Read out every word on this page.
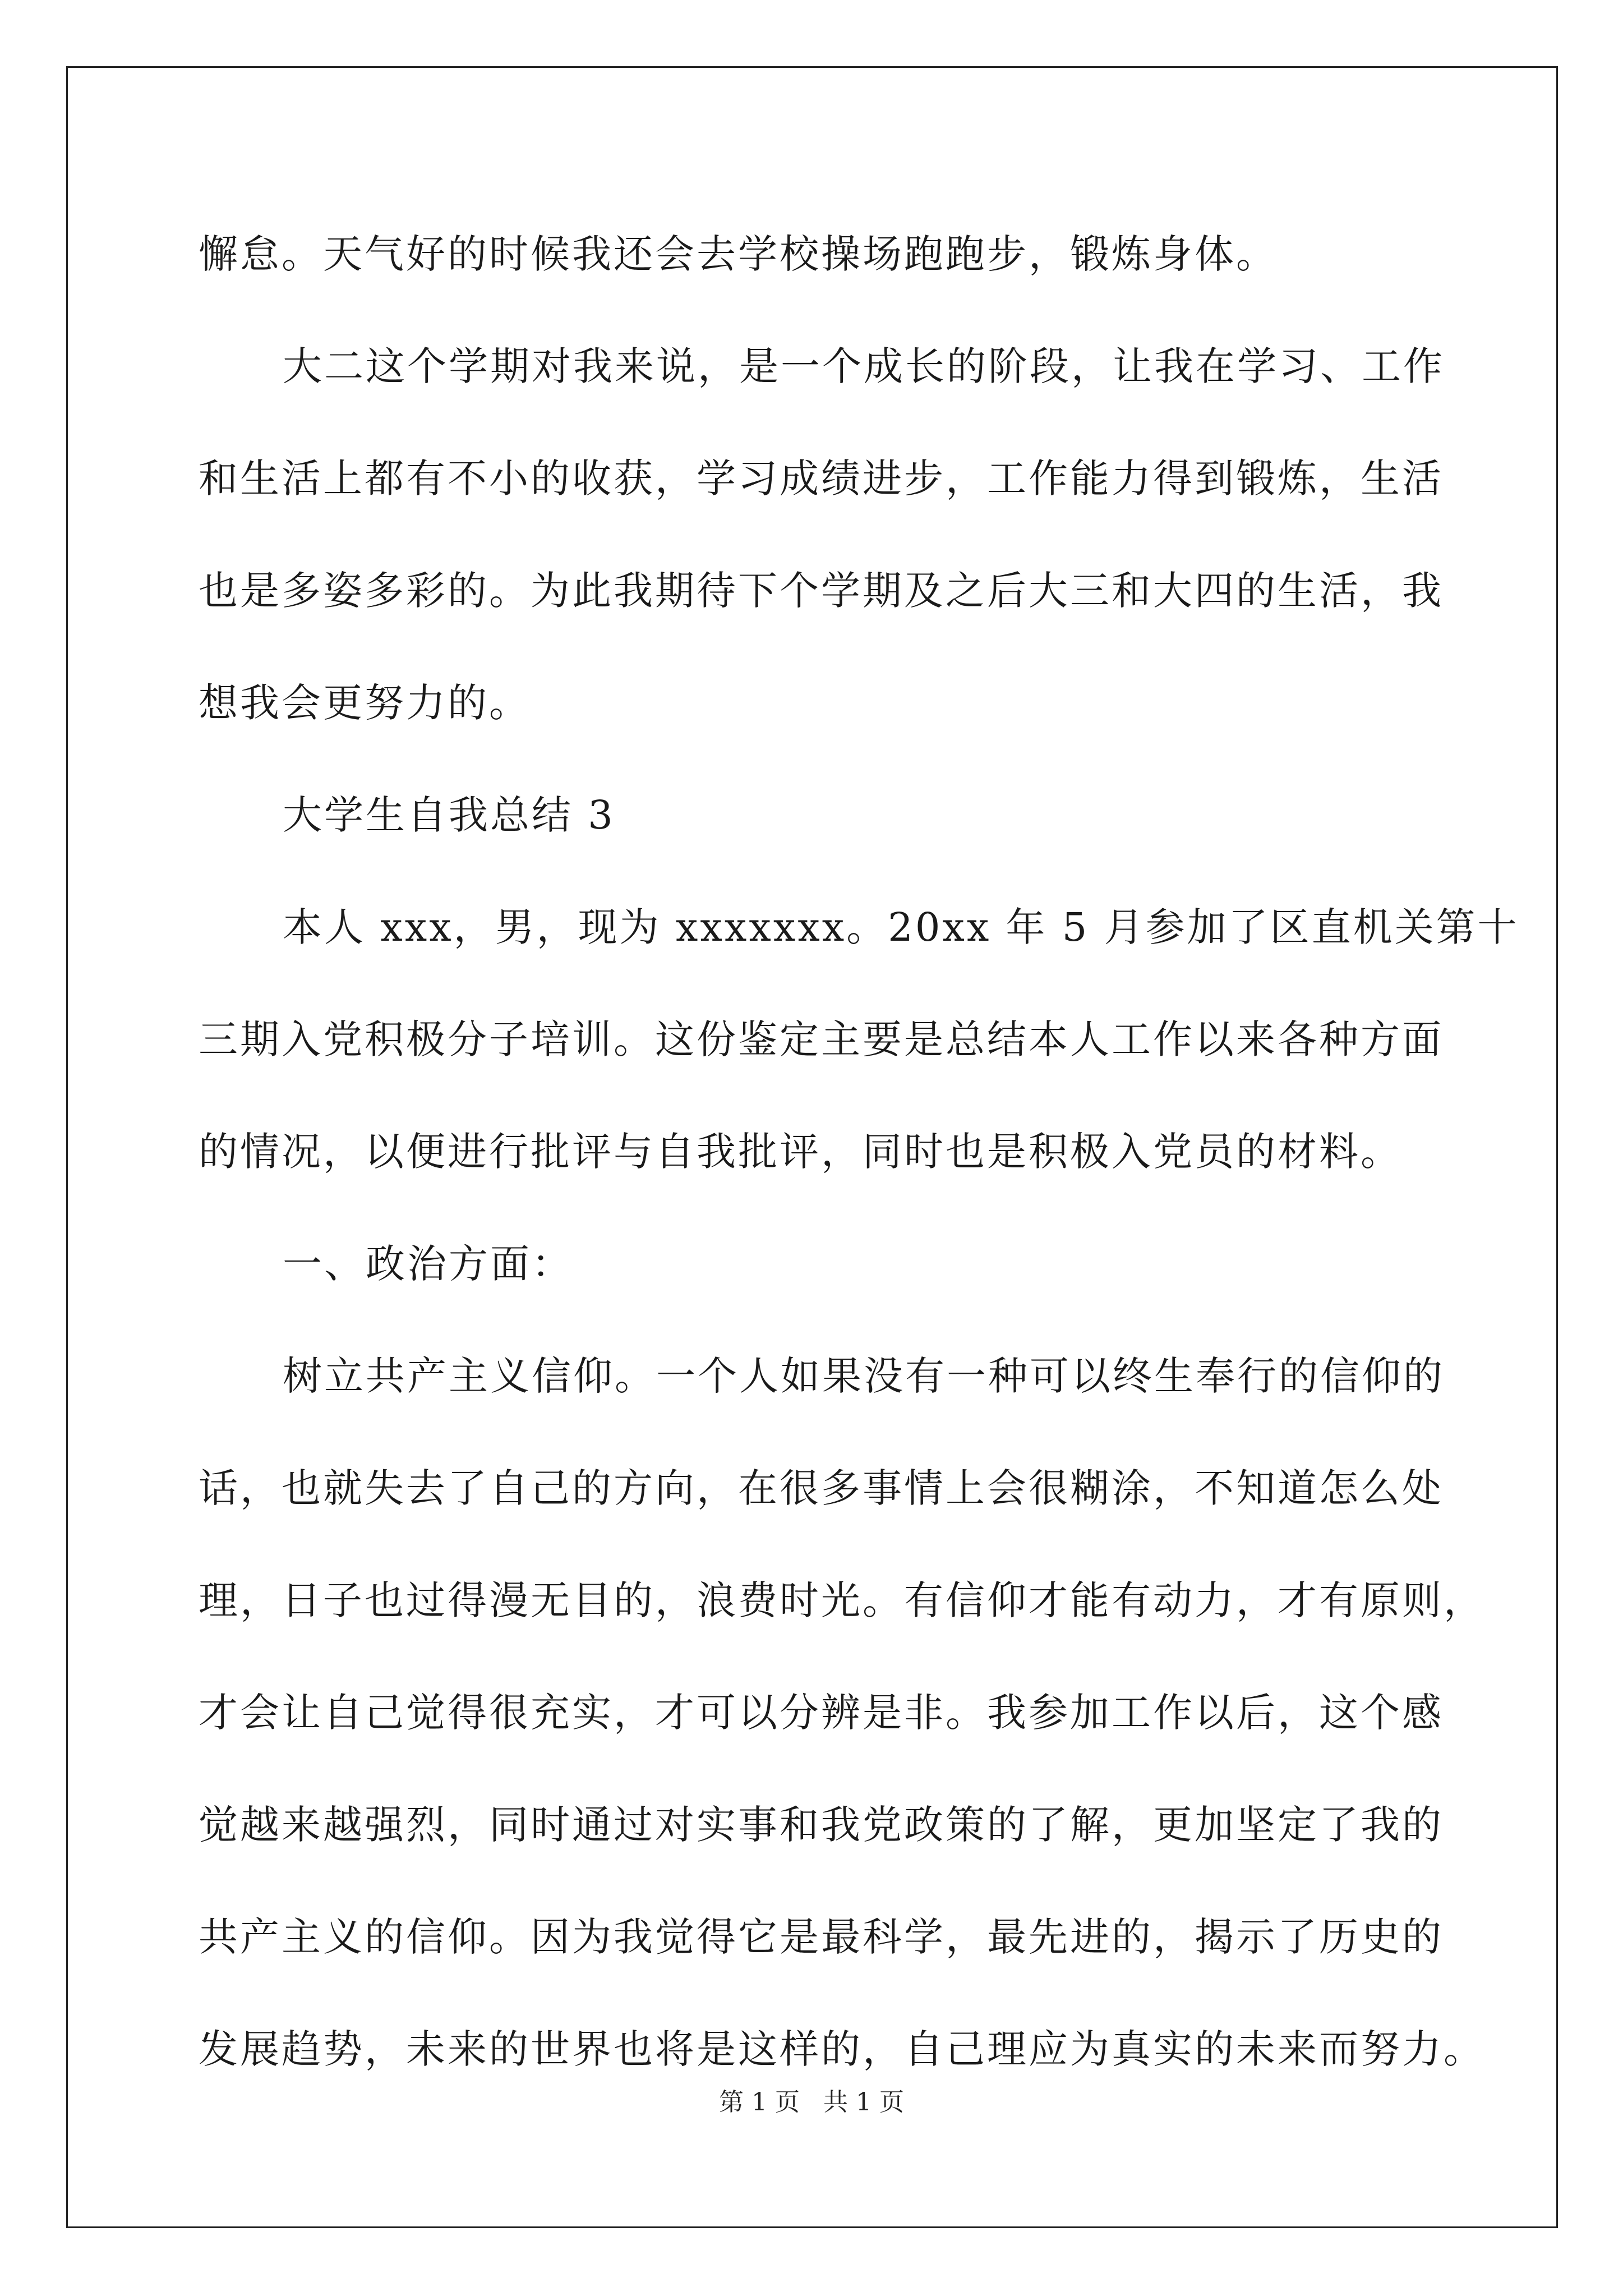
懈怠。天气好的时候我还会去学校操场跑跑步，锻炼身体。
大二这个学期对我来说，是一个成长的阶段，让我在学习、工作
和生活上都有不小的收获，学习成绩进步，工作能力得到锻炼，生活
也是多姿多彩的。为此我期待下个学期及之后大三和大四的生活，我
想我会更努力的。
大学生自我总结 3
本人 xxx，男，现为 xxxxxxx。20xx 年 5 月参加了区直机关第十
三期入党积极分子培训。这份鉴定主要是总结本人工作以来各种方面
的情况，以便进行批评与自我批评，同时也是积极入党员的材料。
一、政治方面：
树立共产主义信仰。一个人如果没有一种可以终生奉行的信仰的
话，也就失去了自己的方向，在很多事情上会很糊涂，不知道怎么处
理，日子也过得漫无目的，浪费时光。有信仰才能有动力，才有原则，
才会让自己觉得很充实，才可以分辨是非。我参加工作以后，这个感
觉越来越强烈，同时通过对实事和我党政策的了解，更加坚定了我的
共产主义的信仰。因为我觉得它是最科学，最先进的，揭示了历史的
发展趋势，未来的世界也将是这样的，自己理应为真实的未来而努力。
第 1 页 共 1 页
